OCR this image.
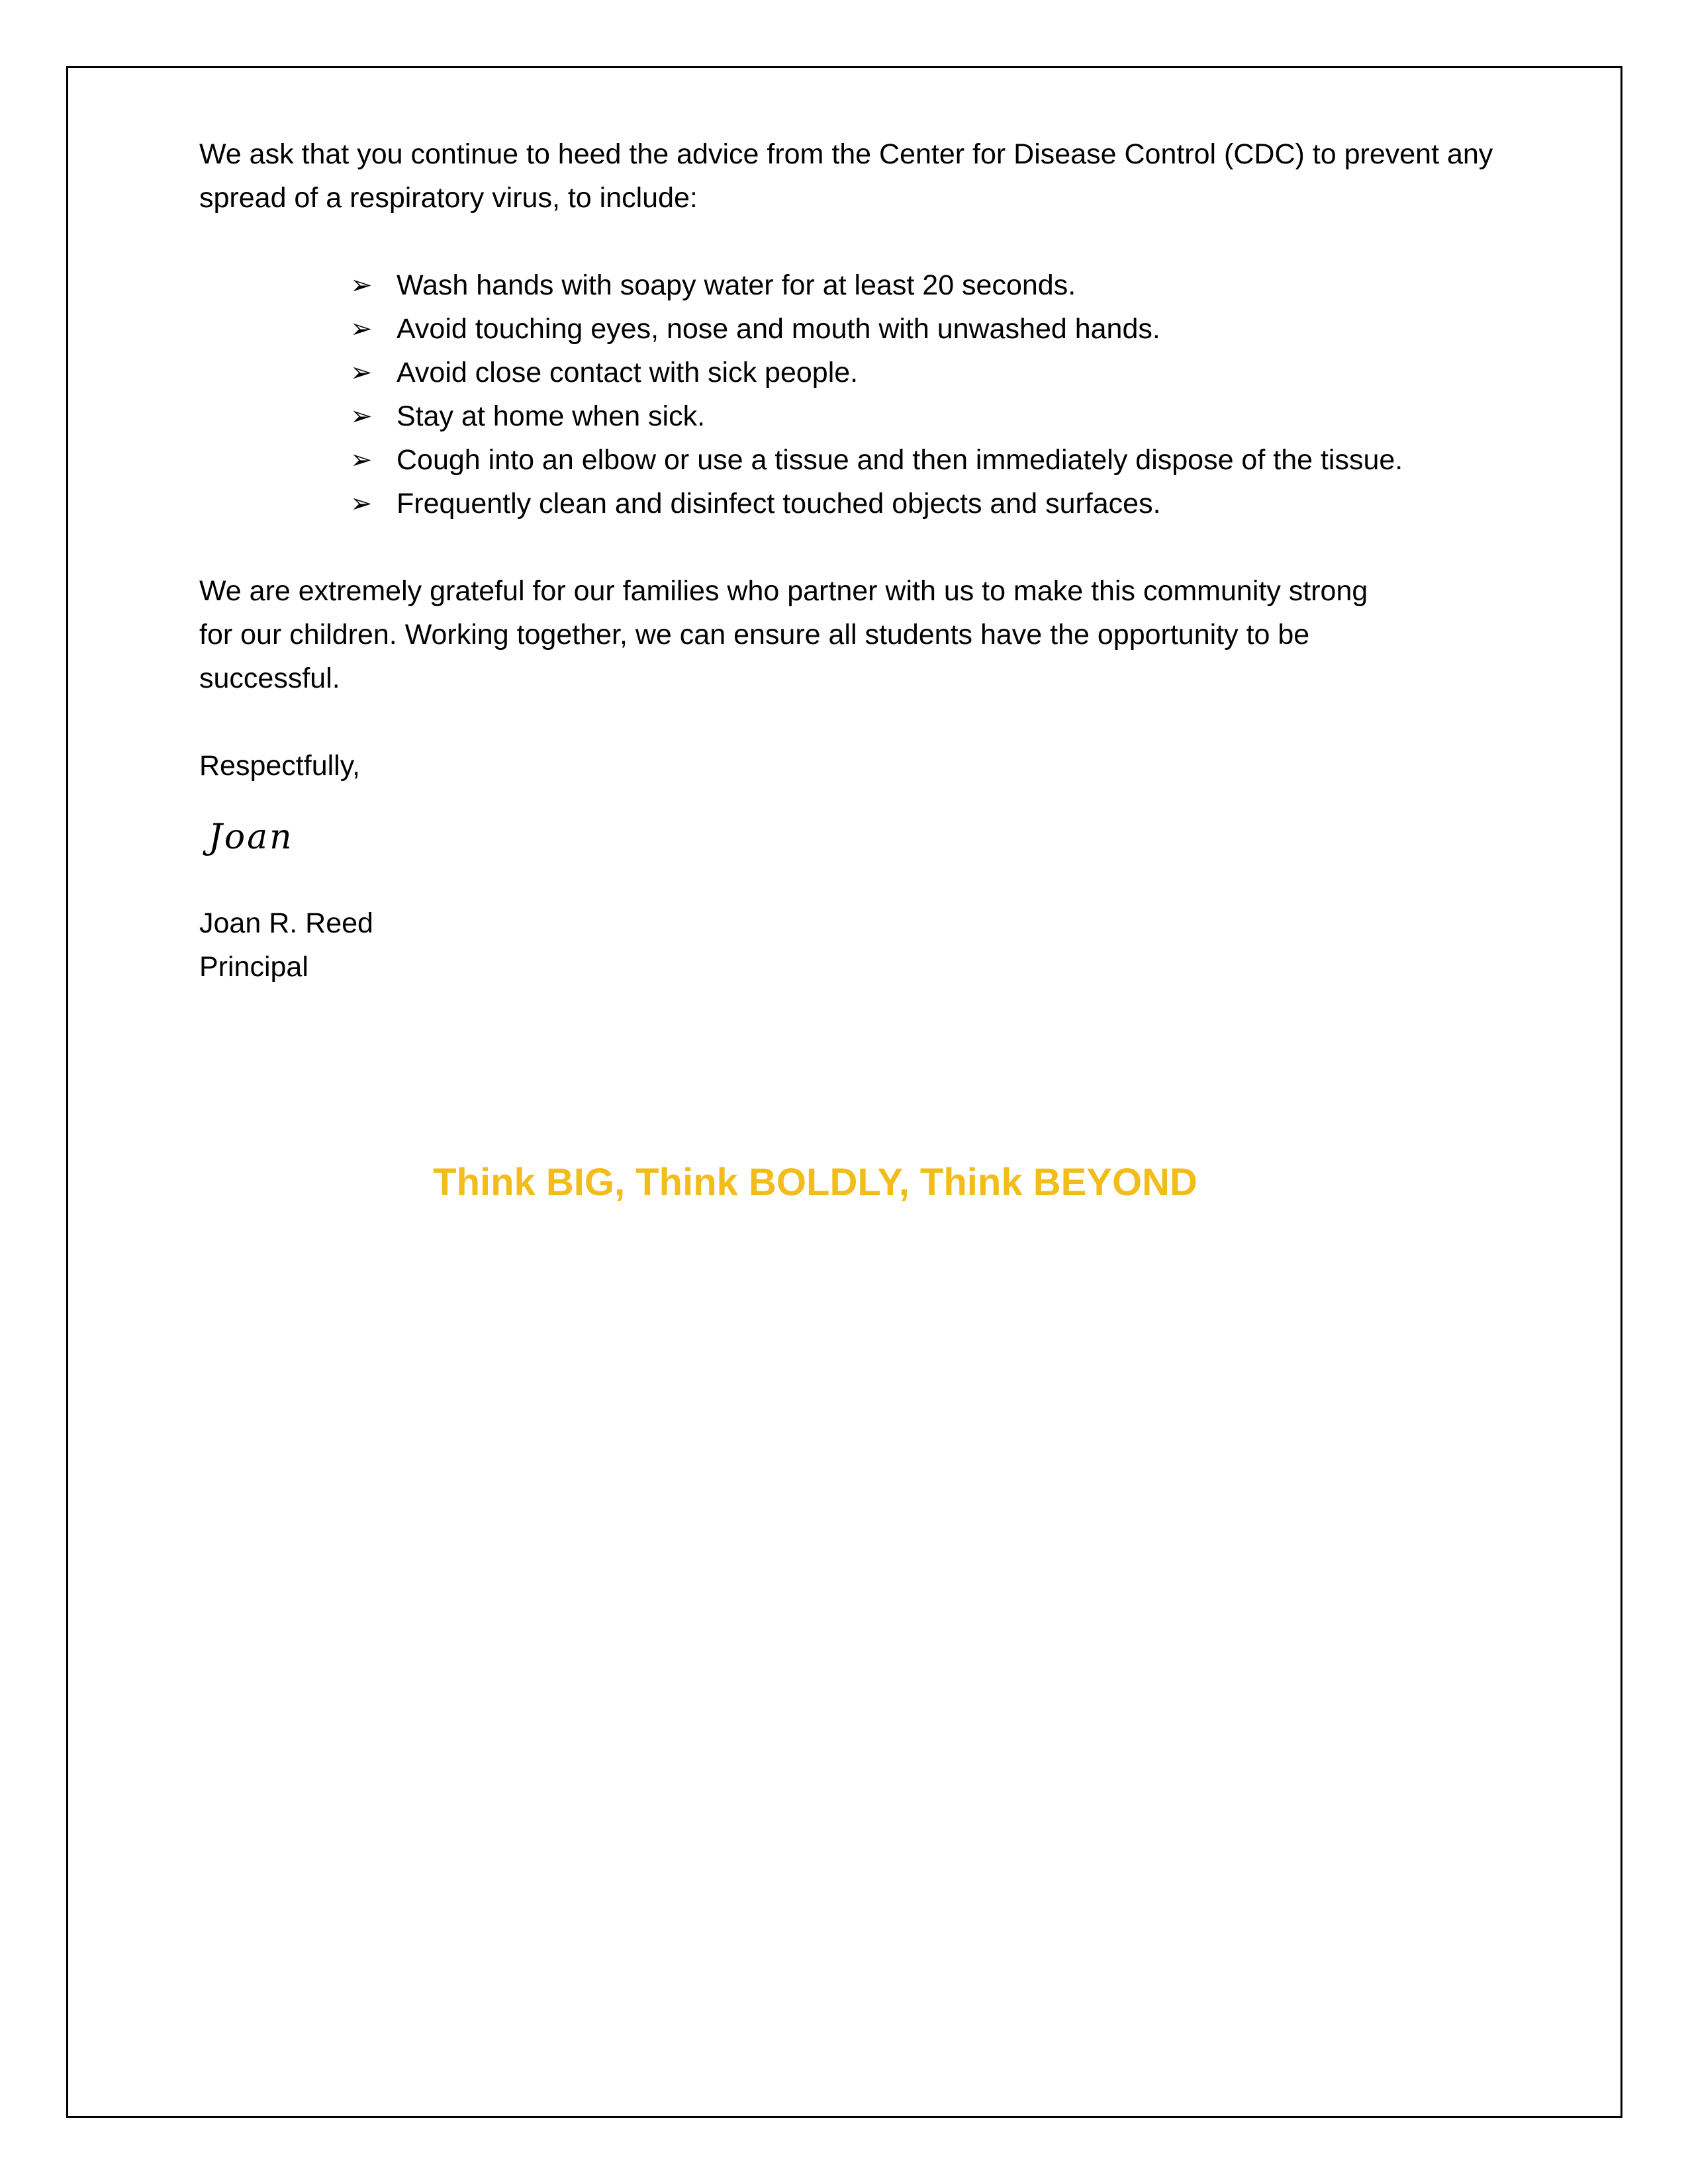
We ask that you continue to heed the advice from the Center for Disease Control (CDC) to prevent any spread of a respiratory virus, to include:

➢ Wash hands with soapy water for at least 20 seconds.
➢ Avoid touching eyes, nose and mouth with unwashed hands.
➢ Avoid close contact with sick people.
➢ Stay at home when sick.
➢ Cough into an elbow or use a tissue and then immediately dispose of the tissue.
➢ Frequently clean and disinfect touched objects and surfaces.

We are extremely grateful for our families who partner with us to make this community strong

for our children. Working together, we can ensure all students have the opportunity to be

successful.

Respectfully,

Joan

Joan R. Reed

Principal

Think BIG, Think BOLDLY, Think BEYOND
